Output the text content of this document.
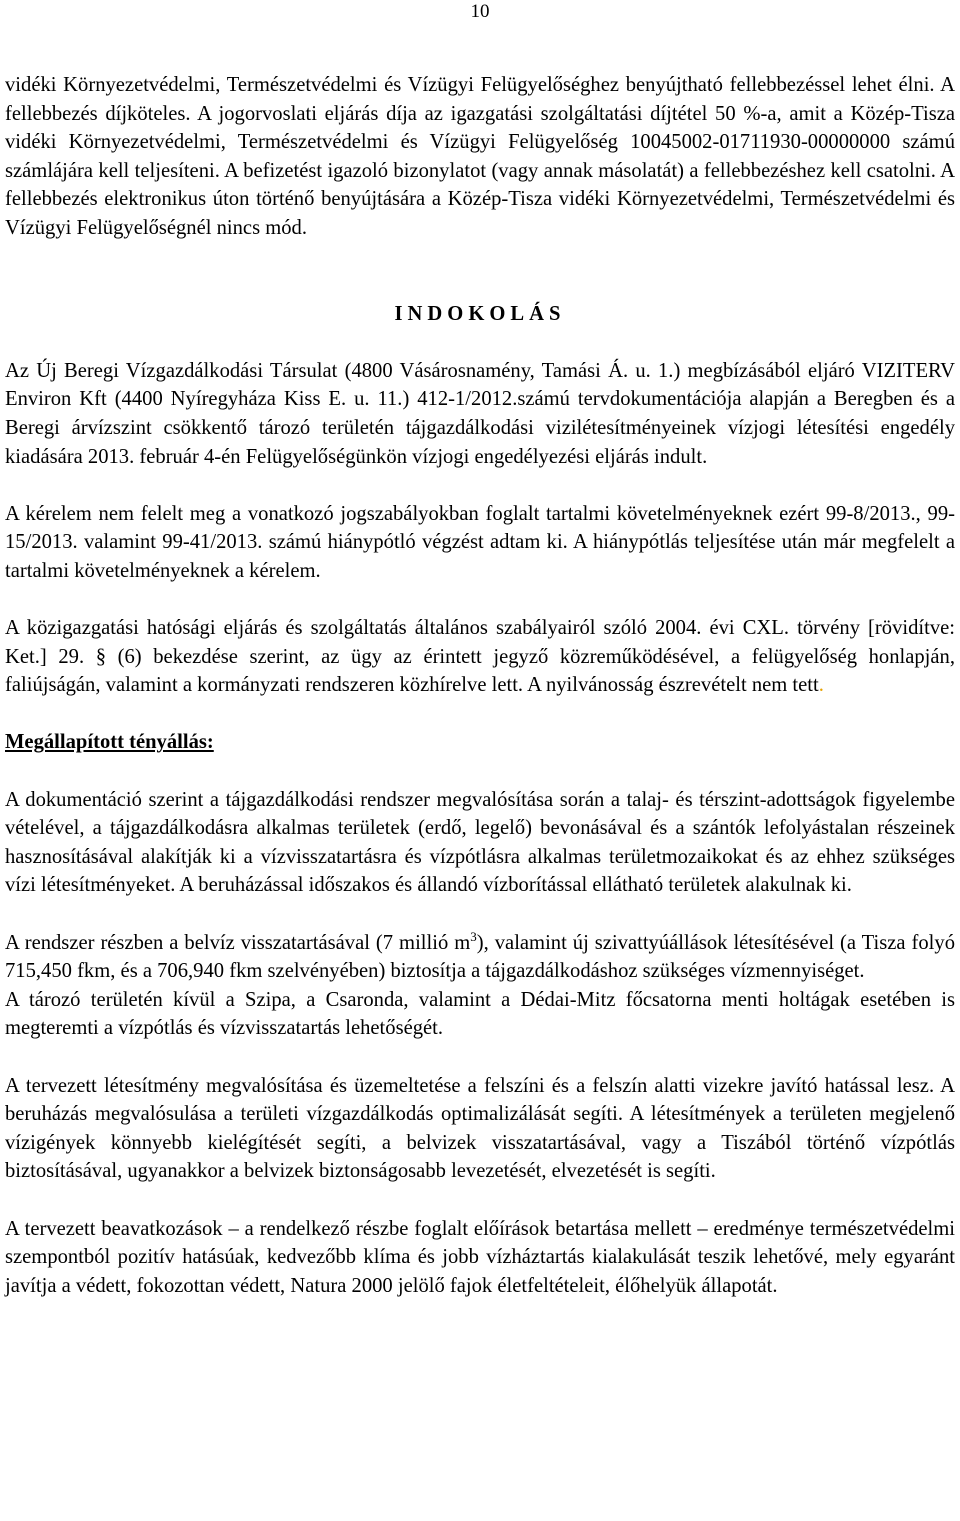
10

vidéki Környezetvédelmi, Természetvédelmi és Vízügyi Felügyelőséghez benyújtható fellebbezéssel lehet élni. A fellebbezés díjköteles. A jogorvoslati eljárás díja az igazgatási szolgáltatási díjtétel 50 %-a, amit a Közép-Tisza vidéki Környezetvédelmi, Természetvédelmi és Vízügyi Felügyelőség 10045002-01711930-00000000 számú számlájára kell teljesíteni. A befizetést igazoló bizonylatot (vagy annak másolatát) a fellebbezéshez kell csatolni. A fellebbezés elektronikus úton történő benyújtására a Közép-Tisza vidéki Környezetvédelmi, Természetvédelmi és Vízügyi Felügyelőségnél nincs mód.

INDOKOLÁS

Az Új Beregi Vízgazdálkodási Társulat (4800 Vásárosnamény, Tamási Á. u. 1.) megbízásából eljáró VIZITERV Environ Kft (4400 Nyíregyháza Kiss E. u. 11.) 412-1/2012.számú tervdokumentációja alapján a Beregben és a Beregi árvízszint csökkentő tározó területén tájgazdálkodási vizilétesítményeinek vízjogi létesítési engedély kiadására 2013. február 4-én Felügyelőségünkön vízjogi engedélyezési eljárás indult.

A kérelem nem felelt meg a vonatkozó jogszabályokban foglalt tartalmi követelményeknek ezért 99-8/2013., 99-15/2013. valamint 99-41/2013. számú hiánypótló végzést adtam ki. A hiánypótlás teljesítése után már megfelelt a tartalmi követelményeknek a kérelem.

A közigazgatási hatósági eljárás és szolgáltatás általános szabályairól szóló 2004. évi CXL. törvény [rövidítve: Ket.] 29. § (6) bekezdése szerint, az ügy az érintett jegyző közreműködésével, a felügyelőség honlapján, faliújságán, valamint a kormányzati rendszeren közhírelve lett. A nyilvánosság észrevételt nem tett.

Megállapított tényállás:

A dokumentáció szerint a tájgazdálkodási rendszer megvalósítása során a talaj- és térszint-adottságok figyelembe vételével, a tájgazdálkodásra alkalmas területek (erdő, legelő) bevonásával és a szántók lefolyástalan részeinek hasznosításával alakítják ki a vízvisszatartásra és vízpótlásra alkalmas területmozaikokat és az ehhez szükséges vízi létesítményeket. A beruházással időszakos és állandó vízborítással ellátható területek alakulnak ki.

A rendszer részben a belvíz visszatartásával (7 millió $m^3$), valamint új szivattyúállások létesítésével (a Tisza folyó 715,450 fkm, és a 706,940 fkm szelvényében) biztosítja a tájgazdálkodáshoz szükséges vízmennyiséget.

A tározó területén kívül a Szipa, a Csaronda, valamint a Dédai-Mitz főcsatorna menti holtágak esetében is megteremti a vízpótlás és vízvisszatartás lehetőségét.

A tervezett létesítmény megvalósítása és üzemeltetése a felszíni és a felszín alatti vizekre javító hatással lesz. A beruházás megvalósulása a területi vízgazdálkodás optimalizálását segíti. A létesítmények a területen megjelenő vízigények könnyebb kielégítését segíti, a belvizek visszatartásával, vagy a Tiszából történő vízpótlás biztosításával, ugyanakkor a belvizek biztonságosabb levezetését, elvezetését is segíti.

A tervezett beavatkozások – a rendelkező részbe foglalt előírások betartása mellett – eredménye természetvédelmi szempontból pozitív hatásúak, kedvezőbb klíma és jobb vízháztartás kialakulását teszik lehetővé, mely egyaránt javítja a védett, fokozottan védett, Natura 2000 jelölő fajok életfeltételeit, élőhelyük állapotát.
